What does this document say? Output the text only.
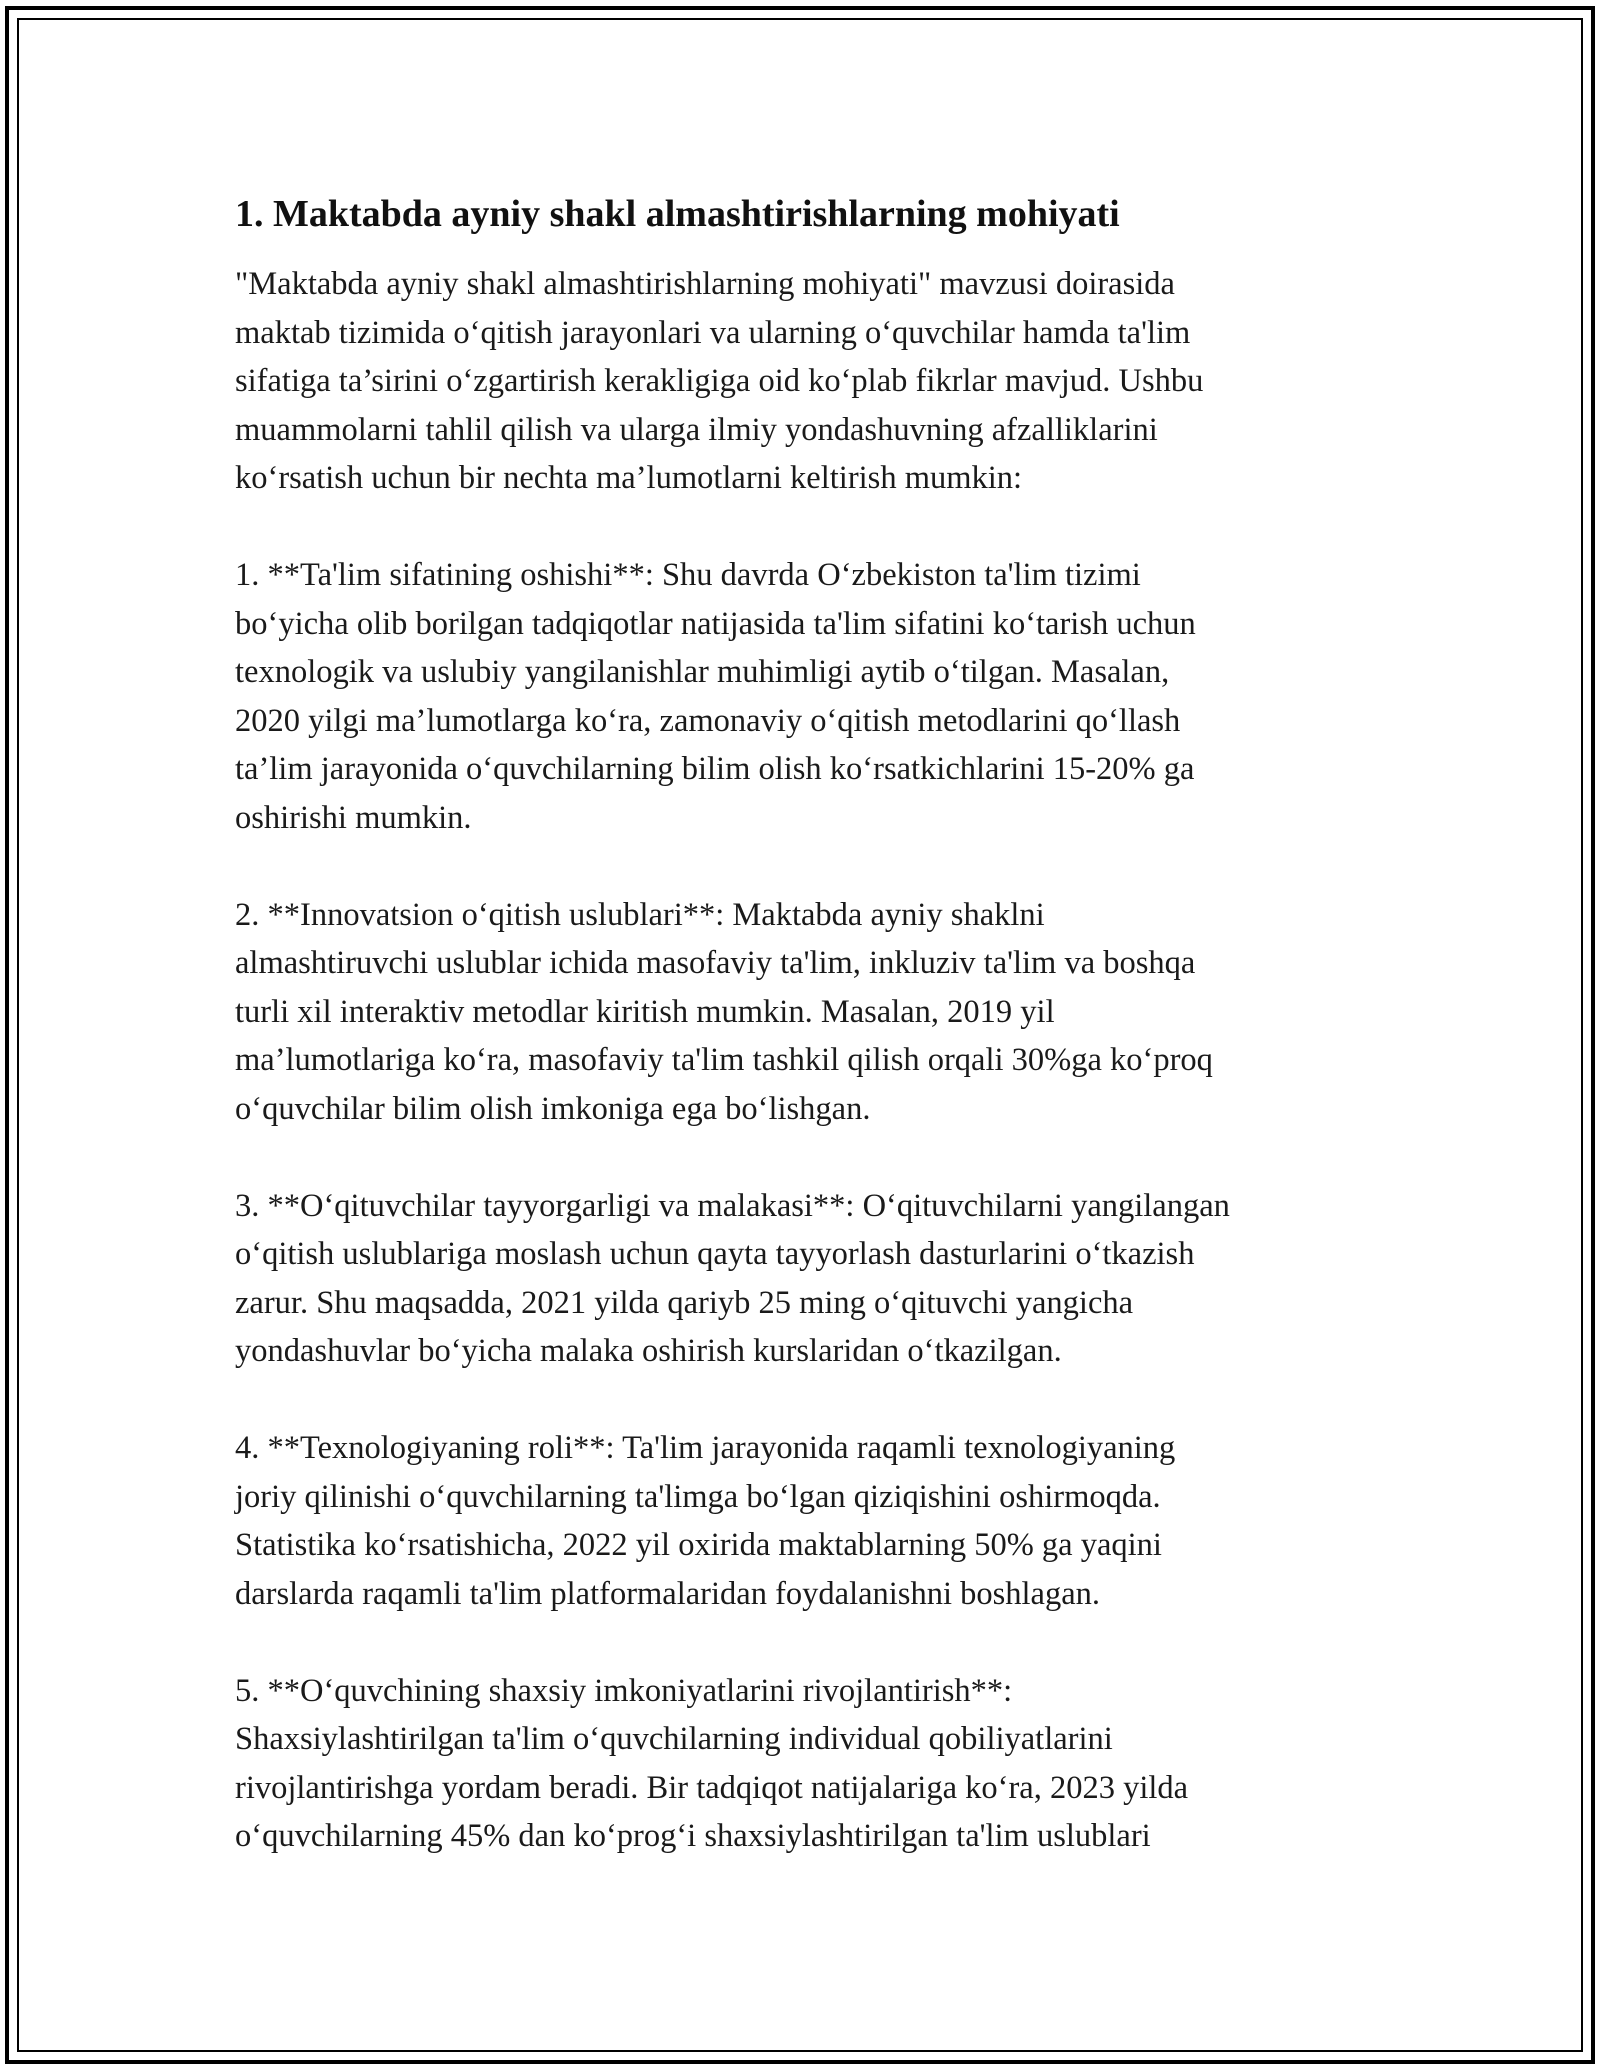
1. Maktabda ayniy shakl almashtirishlarning mohiyati

"Maktabda ayniy shakl almashtirishlarning mohiyati" mavzusi doirasida
maktab tizimida o‘qitish jarayonlari va ularning o‘quvchilar hamda ta'lim
sifatiga ta’sirini o‘zgartirish kerakligiga oid ko‘plab fikrlar mavjud. Ushbu
muammolarni tahlil qilish va ularga ilmiy yondashuvning afzalliklarini
ko‘rsatish uchun bir nechta ma’lumotlarni keltirish mumkin:

1. **Ta'lim sifatining oshishi**: Shu davrda O‘zbekiston ta'lim tizimi
bo‘yicha olib borilgan tadqiqotlar natijasida ta'lim sifatini ko‘tarish uchun
texnologik va uslubiy yangilanishlar muhimligi aytib o‘tilgan. Masalan,
2020 yilgi ma’lumotlarga ko‘ra, zamonaviy o‘qitish metodlarini qo‘llash
ta’lim jarayonida o‘quvchilarning bilim olish ko‘rsatkichlarini 15-20% ga
oshirishi mumkin.

2. **Innovatsion o‘qitish uslublari**: Maktabda ayniy shaklni
almashtiruvchi uslublar ichida masofaviy ta'lim, inkluziv ta'lim va boshqa
turli xil interaktiv metodlar kiritish mumkin. Masalan, 2019 yil
ma’lumotlariga ko‘ra, masofaviy ta'lim tashkil qilish orqali 30%ga ko‘proq
o‘quvchilar bilim olish imkoniga ega bo‘lishgan.

3. **O‘qituvchilar tayyorgarligi va malakasi**: O‘qituvchilarni yangilangan
o‘qitish uslublariga moslash uchun qayta tayyorlash dasturlarini o‘tkazish
zarur. Shu maqsadda, 2021 yilda qariyb 25 ming o‘qituvchi yangicha
yondashuvlar bo‘yicha malaka oshirish kurslaridan o‘tkazilgan.

4. **Texnologiyaning roli**: Ta'lim jarayonida raqamli texnologiyaning
joriy qilinishi o‘quvchilarning ta'limga bo‘lgan qiziqishini oshirmoqda.
Statistika ko‘rsatishicha, 2022 yil oxirida maktablarning 50% ga yaqini
darslarda raqamli ta'lim platformalaridan foydalanishni boshlagan.

5. **O‘quvchining shaxsiy imkoniyatlarini rivojlantirish**:
Shaxsiylashtirilgan ta'lim o‘quvchilarning individual qobiliyatlarini
rivojlantirishga yordam beradi. Bir tadqiqot natijalariga ko‘ra, 2023 yilda
o‘quvchilarning 45% dan ko‘prog‘i shaxsiylashtirilgan ta'lim uslublari
